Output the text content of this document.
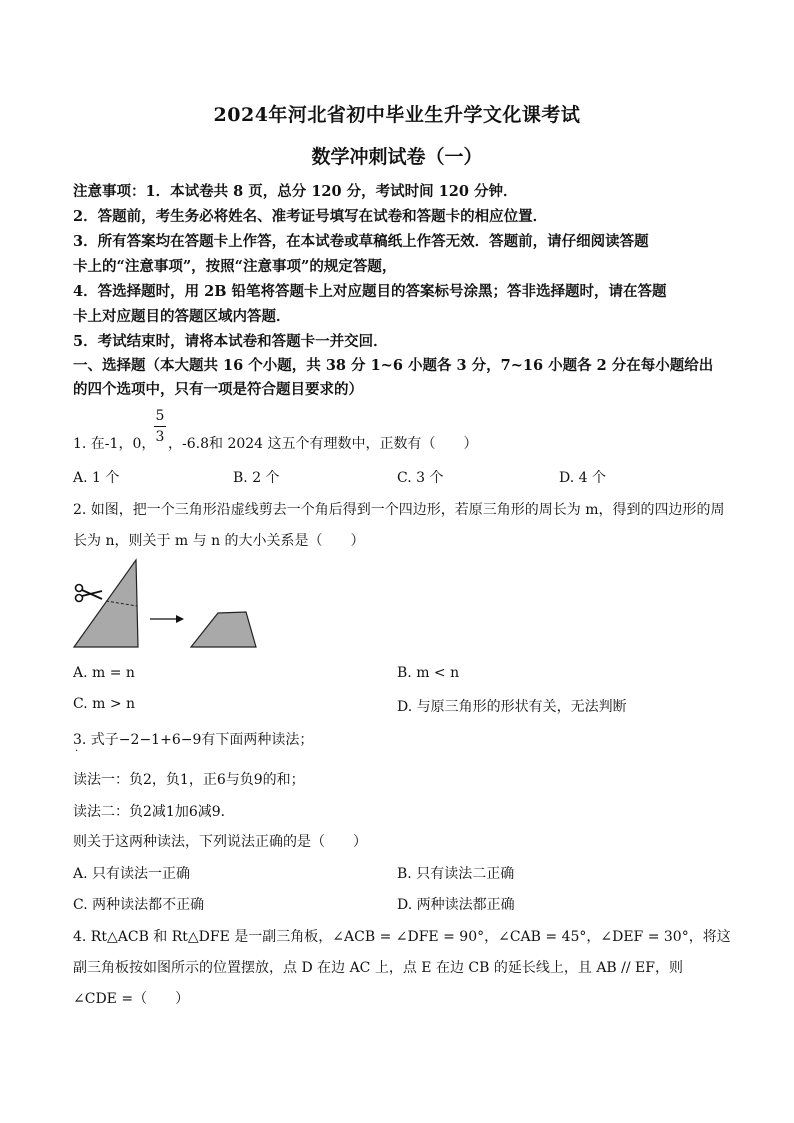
2024年河北省初中毕业生升学文化课考试
数学冲刺试卷（一）
注意事项：1．本试卷共 8 页，总分 120 分，考试时间 120 分钟．
2．答题前，考生务必将姓名、准考证号填写在试卷和答题卡的相应位置．
3．所有答案均在答题卡上作答，在本试卷或草稿纸上作答无效．答题前，请仔细阅读答题
卡上的“注意事项”，按照“注意事项”的规定答题，
4．答选择题时，用 2B 铅笔将答题卡上对应题目的答案标号涂黑；答非选择题时，请在答题
卡上对应题目的答题区域内答题．
5．考试结束时，请将本试卷和答题卡一并交回．
一、选择题（本大题共 16 个小题，共 38 分 1~6 小题各 3 分，7~16 小题各 2 分在每小题给出
的四个选项中，只有一项是符合题目要求的）
1. 在-1，0，
5
3 ，-6.8和 2024 这五个有理数中，正数有（　　）
A. 1 个	B. 2 个	C. 3 个	D. 4 个
2. 如图，把一个三角形沿虚线剪去一个角后得到一个四边形，若原三角形的周长为 m，得到的四边形的周
长为 n，则关于 m 与 n 的大小关系是（　　）
A. m = n	B. m < n
C. m > n	D. 与原三角形的形状有关，无法判断
3. 式子−2−1+6−9有下面两种读法；
·
读法一：负2，负1，正6与负9的和；
读法二：负2减1加6减9．
则关于这两种读法，下列说法正确的是（　　）
A. 只有读法一正确	B. 只有读法二正确
C. 两种读法都不正确	D. 两种读法都正确
4. Rt△ACB 和 Rt△DFE 是一副三角板，∠ACB = ∠DFE = 90°，∠CAB = 45°，∠DEF = 30°，将这
副三角板按如图所示的位置摆放，点 D 在边 AC 上，点 E 在边 CB 的延长线上，且 AB // EF，则
∠CDE =（　　）
